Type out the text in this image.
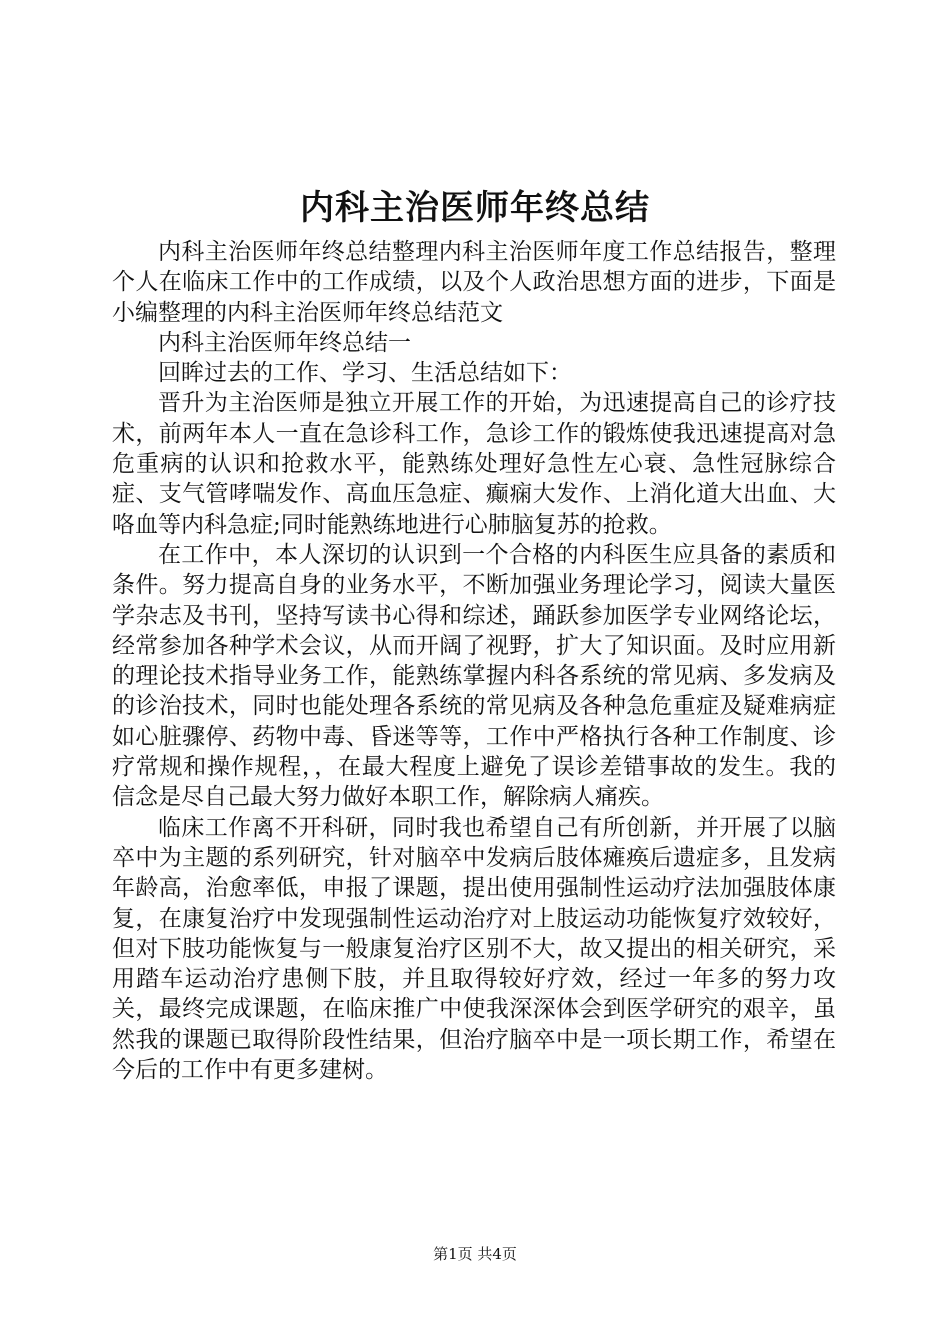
内科主治医师年终总结

内科主治医师年终总结整理内科主治医师年度工作总结报告，整理个人在临床工作中的工作成绩，以及个人政治思想方面的进步，下面是小编整理的内科主治医师年终总结范文

内科主治医师年终总结一

回眸过去的工作、学习、生活总结如下：

晋升为主治医师是独立开展工作的开始，为迅速提高自己的诊疗技术，前两年本人一直在急诊科工作，急诊工作的锻炼使我迅速提高对急危重病的认识和抢救水平，能熟练处理好急性左心衰、急性冠脉综合症、支气管哮喘发作、高血压急症、癫痫大发作、上消化道大出血、大咯血等内科急症;同时能熟练地进行心肺脑复苏的抢救。

在工作中，本人深切的认识到一个合格的内科医生应具备的素质和条件。努力提高自身的业务水平，不断加强业务理论学习，阅读大量医学杂志及书刊，坚持写读书心得和综述，踊跃参加医学专业网络论坛，经常参加各种学术会议，从而开阔了视野，扩大了知识面。及时应用新的理论技术指导业务工作，能熟练掌握内科各系统的常见病、多发病及的诊治技术，同时也能处理各系统的常见病及各种急危重症及疑难病症如心脏骤停、药物中毒、昏迷等等，工作中严格执行各种工作制度、诊疗常规和操作规程，，在最大程度上避免了误诊差错事故的发生。我的信念是尽自己最大努力做好本职工作，解除病人痛疾。

临床工作离不开科研，同时我也希望自己有所创新，并开展了以脑卒中为主题的系列研究，针对脑卒中发病后肢体瘫痪后遗症多，且发病年龄高，治愈率低，申报了课题，提出使用强制性运动疗法加强肢体康复，在康复治疗中发现强制性运动治疗对上肢运动功能恢复疗效较好，但对下肢功能恢复与一般康复治疗区别不大，故又提出的相关研究，采用踏车运动治疗患侧下肢，并且取得较好疗效，经过一年多的努力攻关，最终完成课题，在临床推广中使我深深体会到医学研究的艰辛，虽然我的课题已取得阶段性结果，但治疗脑卒中是一项长期工作，希望在今后的工作中有更多建树。

第1页 共4页
